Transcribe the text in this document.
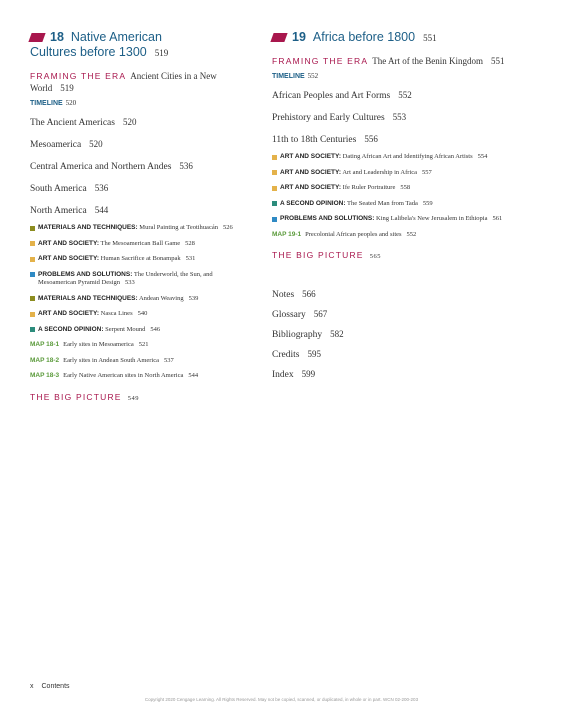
18 Native American
Cultures before 1300 519
FRAMING THE ERA Ancient Cities in a New World 519
TIMELINE 520
The Ancient Americas 520
Mesoamerica 520
Central America and Northern Andes 536
South America 536
North America 544
MATERIALS AND TECHNIQUES: Mural Painting at Teotihuacán 526
ART AND SOCIETY: The Mesoamerican Ball Game 528
ART AND SOCIETY: Human Sacrifice at Bonampak 531
PROBLEMS AND SOLUTIONS: The Underworld, the Sun, and Mesoamerican Pyramid Design 533
MATERIALS AND TECHNIQUES: Andean Weaving 539
ART AND SOCIETY: Nasca Lines 540
A SECOND OPINION: Serpent Mound 546
MAP 18-1 Early sites in Mesoamerica 521
MAP 18-2 Early sites in Andean South America 537
MAP 18-3 Early Native American sites in North America 544
THE BIG PICTURE 549
19 Africa before 1800 551
FRAMING THE ERA The Art of the Benin Kingdom 551
TIMELINE 552
African Peoples and Art Forms 552
Prehistory and Early Cultures 553
11th to 18th Centuries 556
ART AND SOCIETY: Dating African Art and Identifying African Artists 554
ART AND SOCIETY: Art and Leadership in Africa 557
ART AND SOCIETY: Ife Ruler Portraiture 558
A SECOND OPINION: The Seated Man from Tada 559
PROBLEMS AND SOLUTIONS: King Lalibela's New Jerusalem in Ethiopia 561
MAP 19-1 Precolonial African peoples and sites 552
THE BIG PICTURE 565
Notes 566
Glossary 567
Bibliography 582
Credits 595
Index 599
x Contents
Copyright 2020 Cengage Learning. All Rights Reserved. May not be copied, scanned, or duplicated, in whole or in part. WCN 02-200-203
